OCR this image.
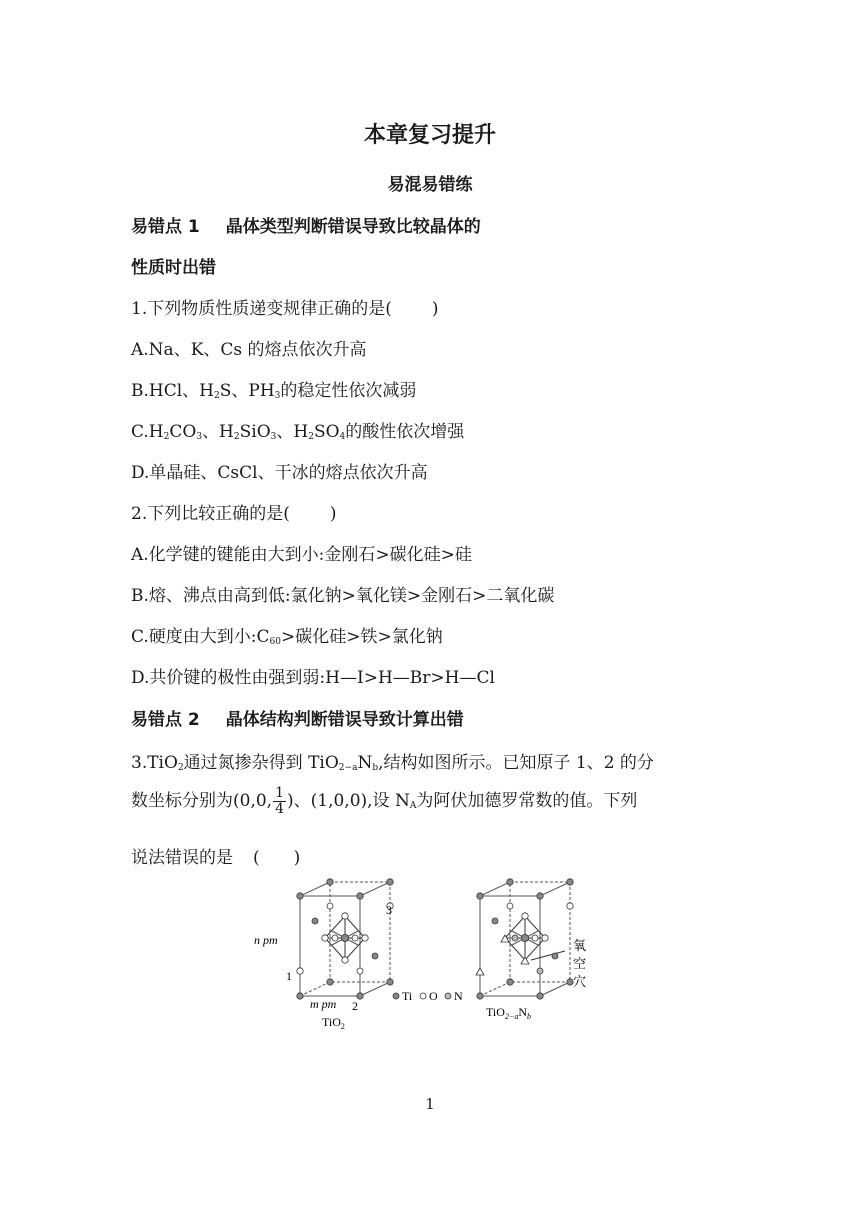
本章复习提升
易混易错练
易错点 1 晶体类型判断错误导致比较晶体的
性质时出错
1.下列物质性质递变规律正确的是( )
A.Na、K、Cs 的熔点依次升高
B.HCl、$H_2S$、$PH_3$的稳定性依次减弱
$C.H_2CO_3$、$H_2SiO_3$、$H_2SO_4$的酸性依次增强
D.单晶硅、CsCl、干冰的熔点依次升高
2.下列比较正确的是( )
A.化学键的键能由大到小:金刚石>碳化硅>硅
B.熔、沸点由高到低:氯化钠>氧化镁>金刚石>二氧化碳
C.硬度由大到小$:C_{60}>$碳化硅>铁>氯化钠
D.共价键的极性由强到弱:H—I>H—Br>H—Cl
易错点 2 晶体结构判断错误导致计算出错
3.TiO$_2$通过氮掺杂得到 $TiO_{2-a}N_b$,结构如图所示。已知原子 1、2 的分
数坐标分别为(0,0, $\frac{1}{4}$ )、(1,0,0),设 $N_A$为阿伏加德罗常数的值。下列
说法错误的是 ( )
n pm
1
2
3
m pm
TiO$_2$
Ti O N
氧
空
穴
$TiO_{2-a}N_b$
1
